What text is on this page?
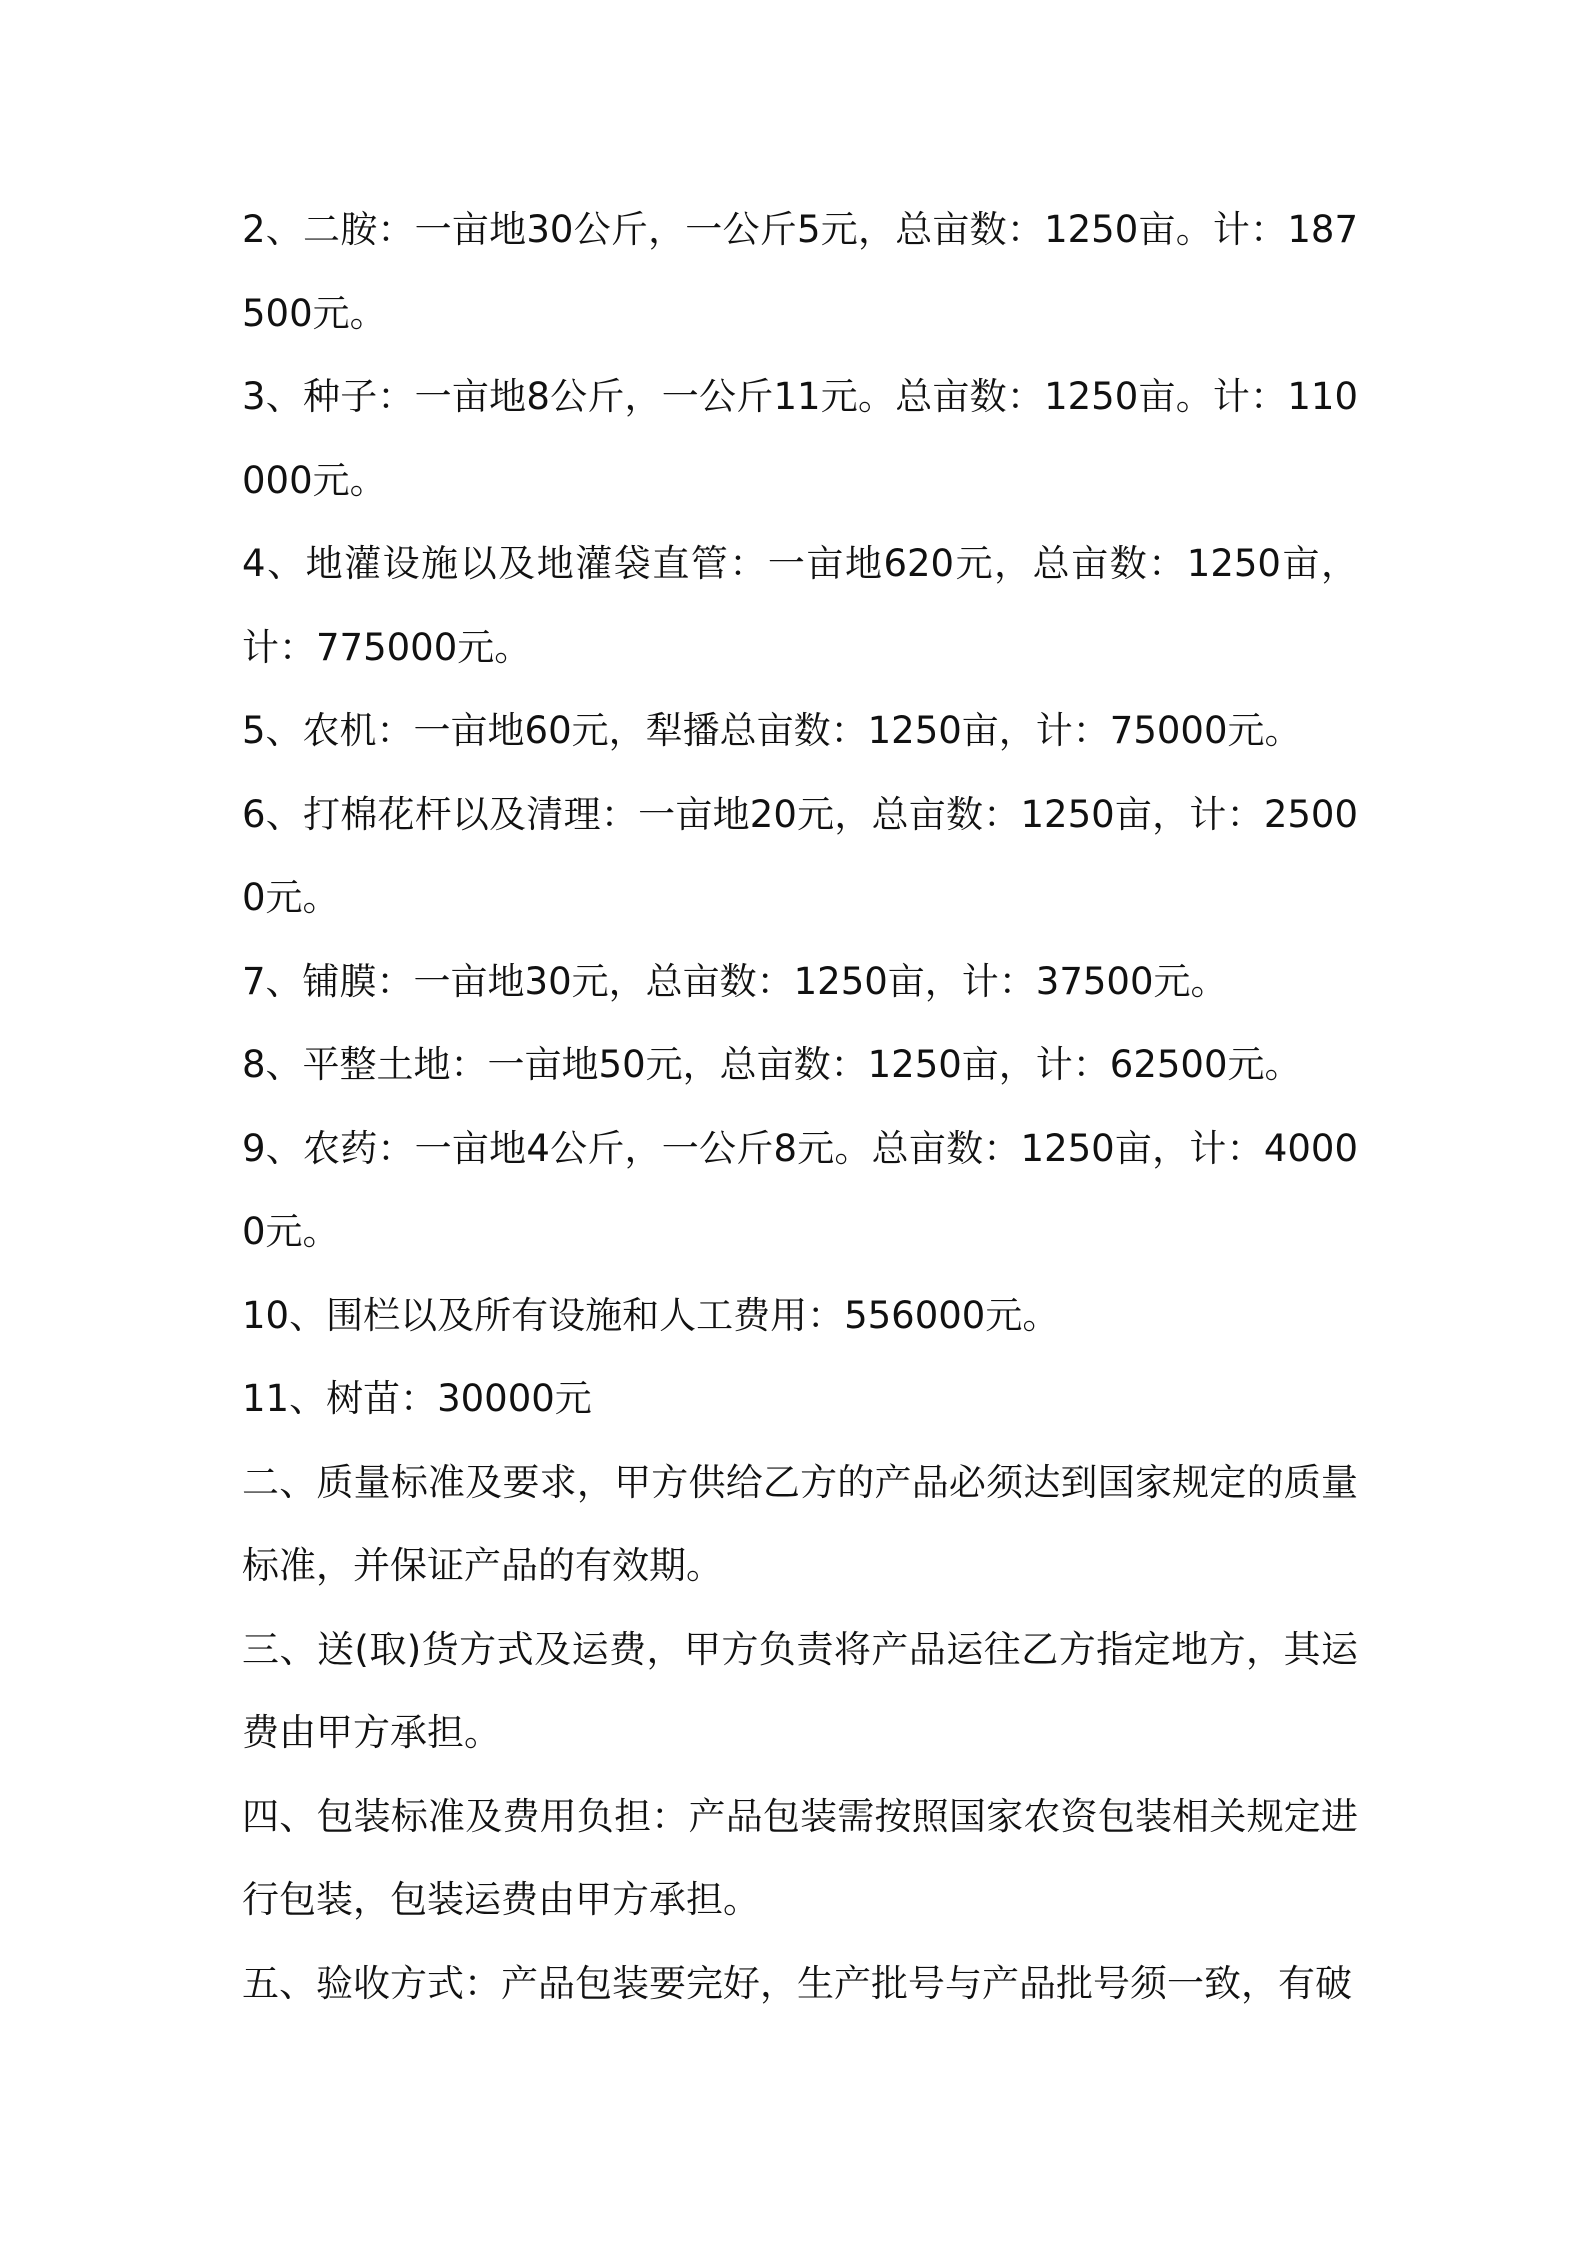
2、二胺：一亩地30公斤，一公斤5元，总亩数：1250亩。计：187500元。

3、种子：一亩地8公斤，一公斤11元。总亩数：1250亩。计：110000元。

4、地灌设施以及地灌袋直管：一亩地620元，总亩数：1250亩，计：775000元。

5、农机：一亩地60元，犁播总亩数：1250亩，计：75000元。

6、打棉花杆以及清理：一亩地20元，总亩数：1250亩，计：25000元。

7、铺膜：一亩地30元，总亩数：1250亩，计：37500元。

8、平整土地：一亩地50元，总亩数：1250亩，计：62500元。

9、农药：一亩地4公斤，一公斤8元。总亩数：1250亩，计：40000元。

10、围栏以及所有设施和人工费用：556000元。

11、树苗：30000元

二、质量标准及要求，甲方供给乙方的产品必须达到国家规定的质量标准，并保证产品的有效期。

三、送(取)货方式及运费，甲方负责将产品运往乙方指定地方，其运费由甲方承担。

四、包装标准及费用负担：产品包装需按照国家农资包装相关规定进行包装，包装运费由甲方承担。

五、验收方式：产品包装要完好，生产批号与产品批号须一致，有破
